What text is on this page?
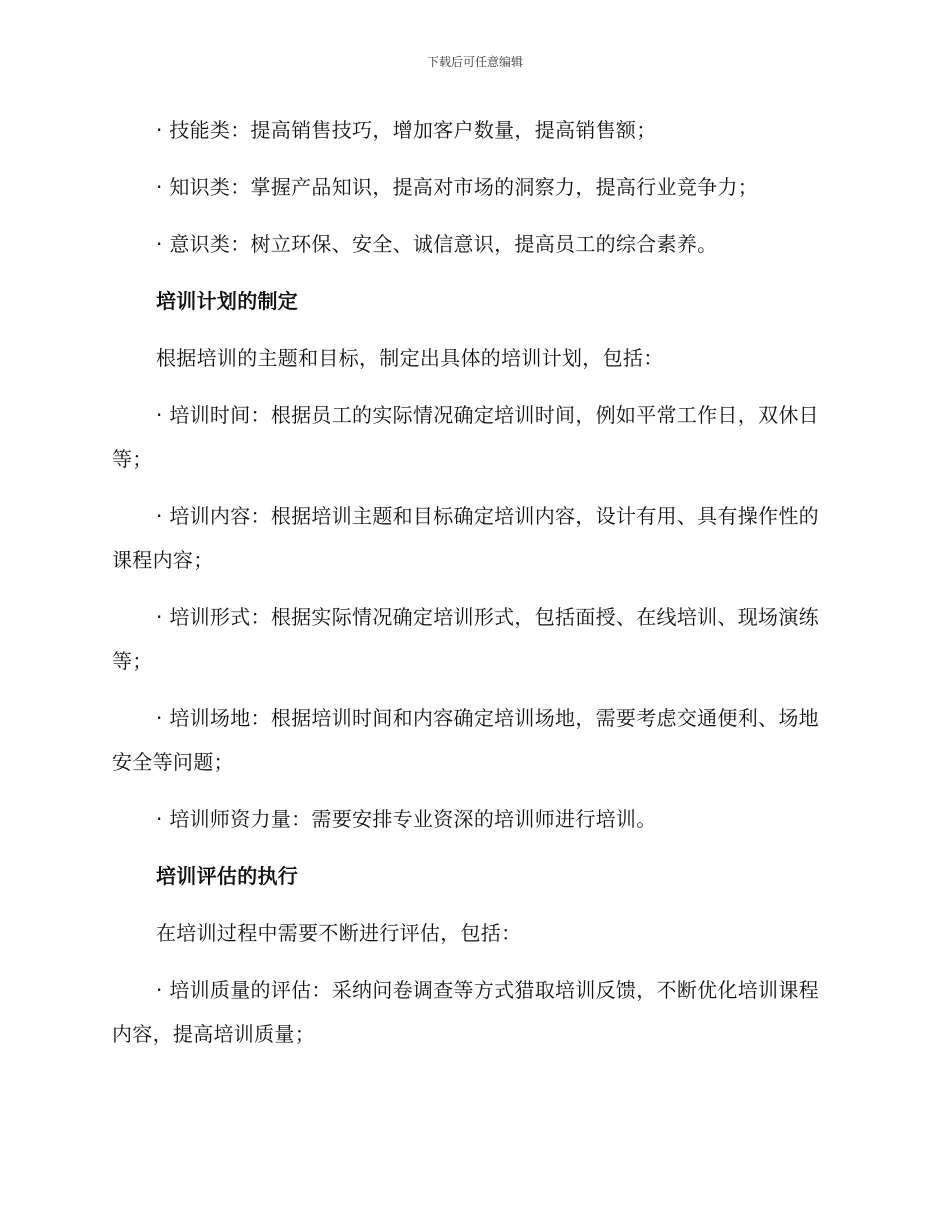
下载后可任意编辑

· 技能类：提高销售技巧，增加客户数量，提高销售额；

· 知识类：掌握产品知识，提高对市场的洞察力，提高行业竞争力；

· 意识类：树立环保、安全、诚信意识，提高员工的综合素养。

培训计划的制定

根据培训的主题和目标，制定出具体的培训计划，包括：

· 培训时间：根据员工的实际情况确定培训时间，例如平常工作日，双休日等；

· 培训内容：根据培训主题和目标确定培训内容，设计有用、具有操作性的课程内容；

· 培训形式：根据实际情况确定培训形式，包括面授、在线培训、现场演练等；

· 培训场地：根据培训时间和内容确定培训场地，需要考虑交通便利、场地安全等问题；

· 培训师资力量：需要安排专业资深的培训师进行培训。

培训评估的执行

在培训过程中需要不断进行评估，包括：

· 培训质量的评估：采纳问卷调查等方式猎取培训反馈，不断优化培训课程内容，提高培训质量；
